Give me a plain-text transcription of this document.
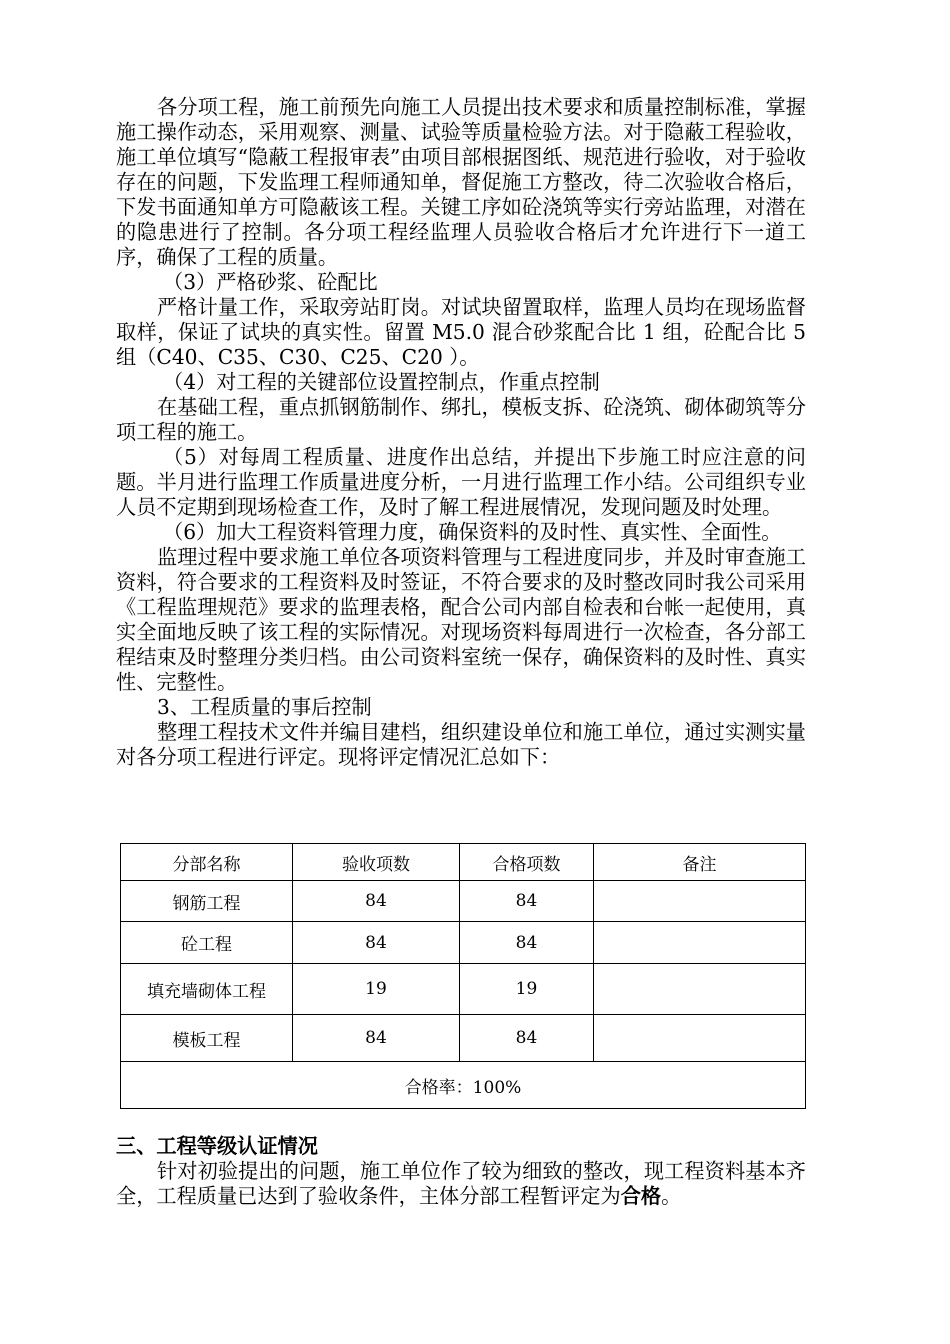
各分项工程，施工前预先向施工人员提出技术要求和质量控制标准，掌握施工操作动态，采用观察、测量、试验等质量检验方法。对于隐蔽工程验收，施工单位填写“隐蔽工程报审表”由项目部根据图纸、规范进行验收，对于验收存在的问题，下发监理工程师通知单，督促施工方整改，待二次验收合格后，下发书面通知单方可隐蔽该工程。关键工序如砼浇筑等实行旁站监理，对潜在的隐患进行了控制。各分项工程经监理人员验收合格后才允许进行下一道工序，确保了工程的质量。

（3）严格砂浆、砼配比

严格计量工作，采取旁站盯岗。对试块留置取样，监理人员均在现场监督取样，保证了试块的真实性。留置 M5.0 混合砂浆配合比 1 组，砼配合比 5 组（C40、C35、C30、C25、C20 ）。

（4）对工程的关键部位设置控制点，作重点控制

在基础工程，重点抓钢筋制作、绑扎，模板支拆、砼浇筑、砌体砌筑等分项工程的施工。

（5）对每周工程质量、进度作出总结，并提出下步施工时应注意的问题。半月进行监理工作质量进度分析，一月进行监理工作小结。公司组织专业人员不定期到现场检查工作，及时了解工程进展情况，发现问题及时处理。

（6）加大工程资料管理力度，确保资料的及时性、真实性、全面性。

监理过程中要求施工单位各项资料管理与工程进度同步，并及时审查施工资料，符合要求的工程资料及时签证，不符合要求的及时整改同时我公司采用《工程监理规范》要求的监理表格，配合公司内部自检表和台帐一起使用，真实全面地反映了该工程的实际情况。对现场资料每周进行一次检查，各分部工程结束及时整理分类归档。由公司资料室统一保存，确保资料的及时性、真实性、完整性。

3、工程质量的事后控制

整理工程技术文件并编目建档，组织建设单位和施工单位，通过实测实量对各分项工程进行评定。现将评定情况汇总如下：

分部名称	验收项数	合格项数	备注
钢筋工程	84	84	
砼工程	84	84	
填充墙砌体工程	19	19	
模板工程	84	84	
合格率：100%			

三、工程等级认证情况

针对初验提出的问题，施工单位作了较为细致的整改，现工程资料基本齐全，工程质量已达到了验收条件，主体分部工程暂评定为合格。
